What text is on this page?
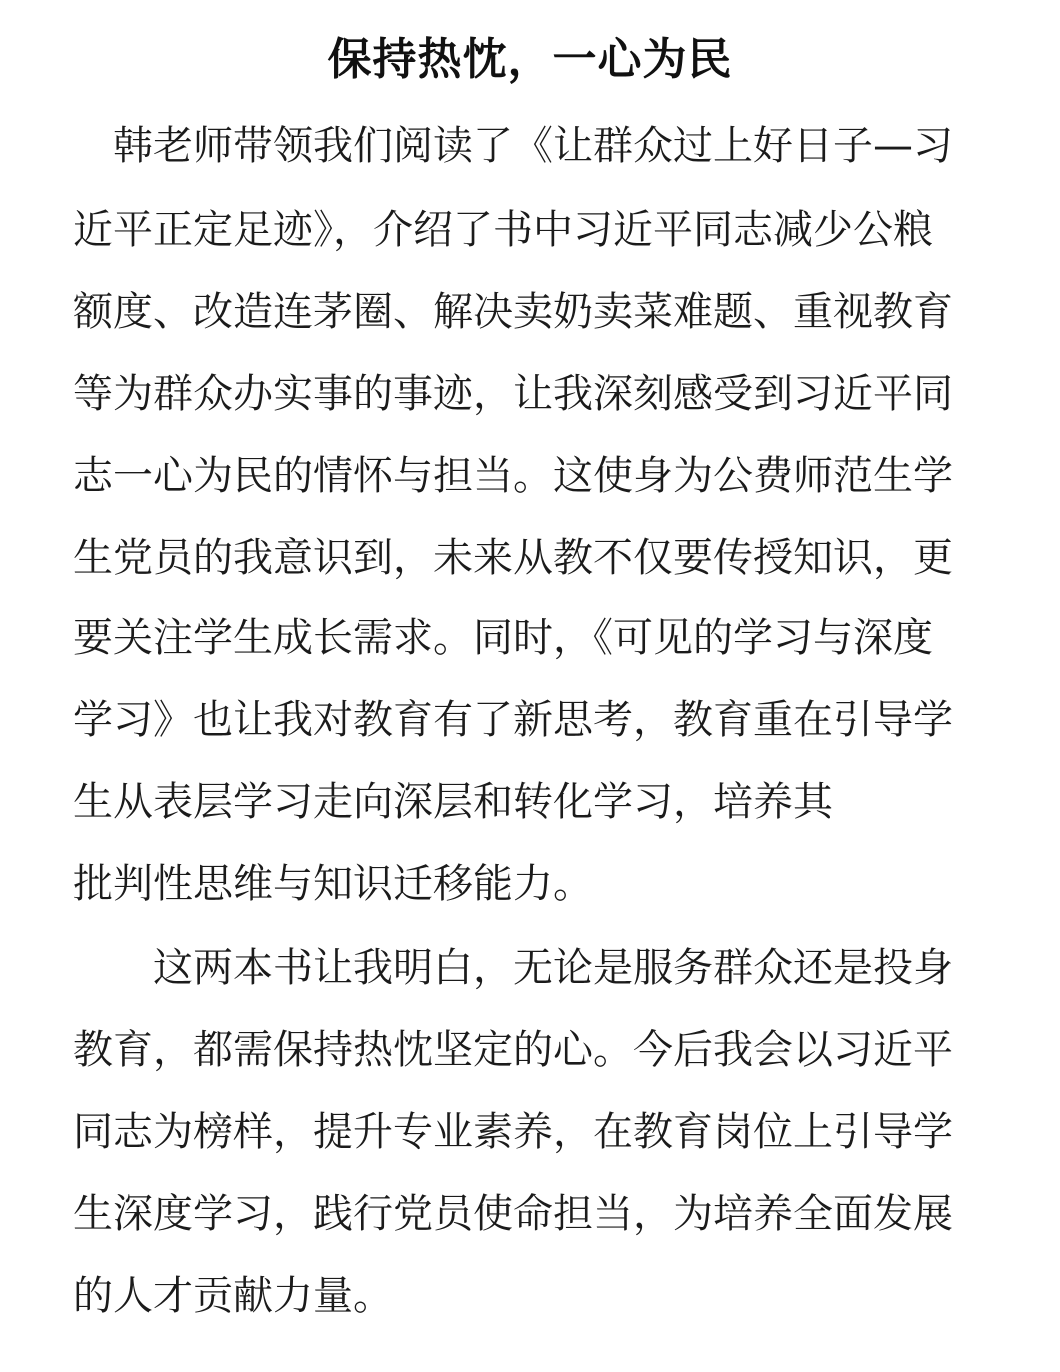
保持热忱，一心为民
　韩老师带领我们阅读了《让群众过上好日子—习
近平正定足迹》，介绍了书中习近平同志减少公粮
额度、改造连茅圈、解决卖奶卖菜难题、重视教育
等为群众办实事的事迹，让我深刻感受到习近平同
志一心为民的情怀与担当。这使身为公费师范生学
生党员的我意识到，未来从教不仅要传授知识，更
要关注学生成长需求。同时，《可见的学习与深度
学习》也让我对教育有了新思考，教育重在引导学
生从表层学习走向深层和转化学习，培养其
批判性思维与知识迁移能力。
　　这两本书让我明白，无论是服务群众还是投身
教育，都需保持热忱坚定的心。今后我会以习近平
同志为榜样，提升专业素养，在教育岗位上引导学
生深度学习，践行党员使命担当，为培养全面发展
的人才贡献力量。
